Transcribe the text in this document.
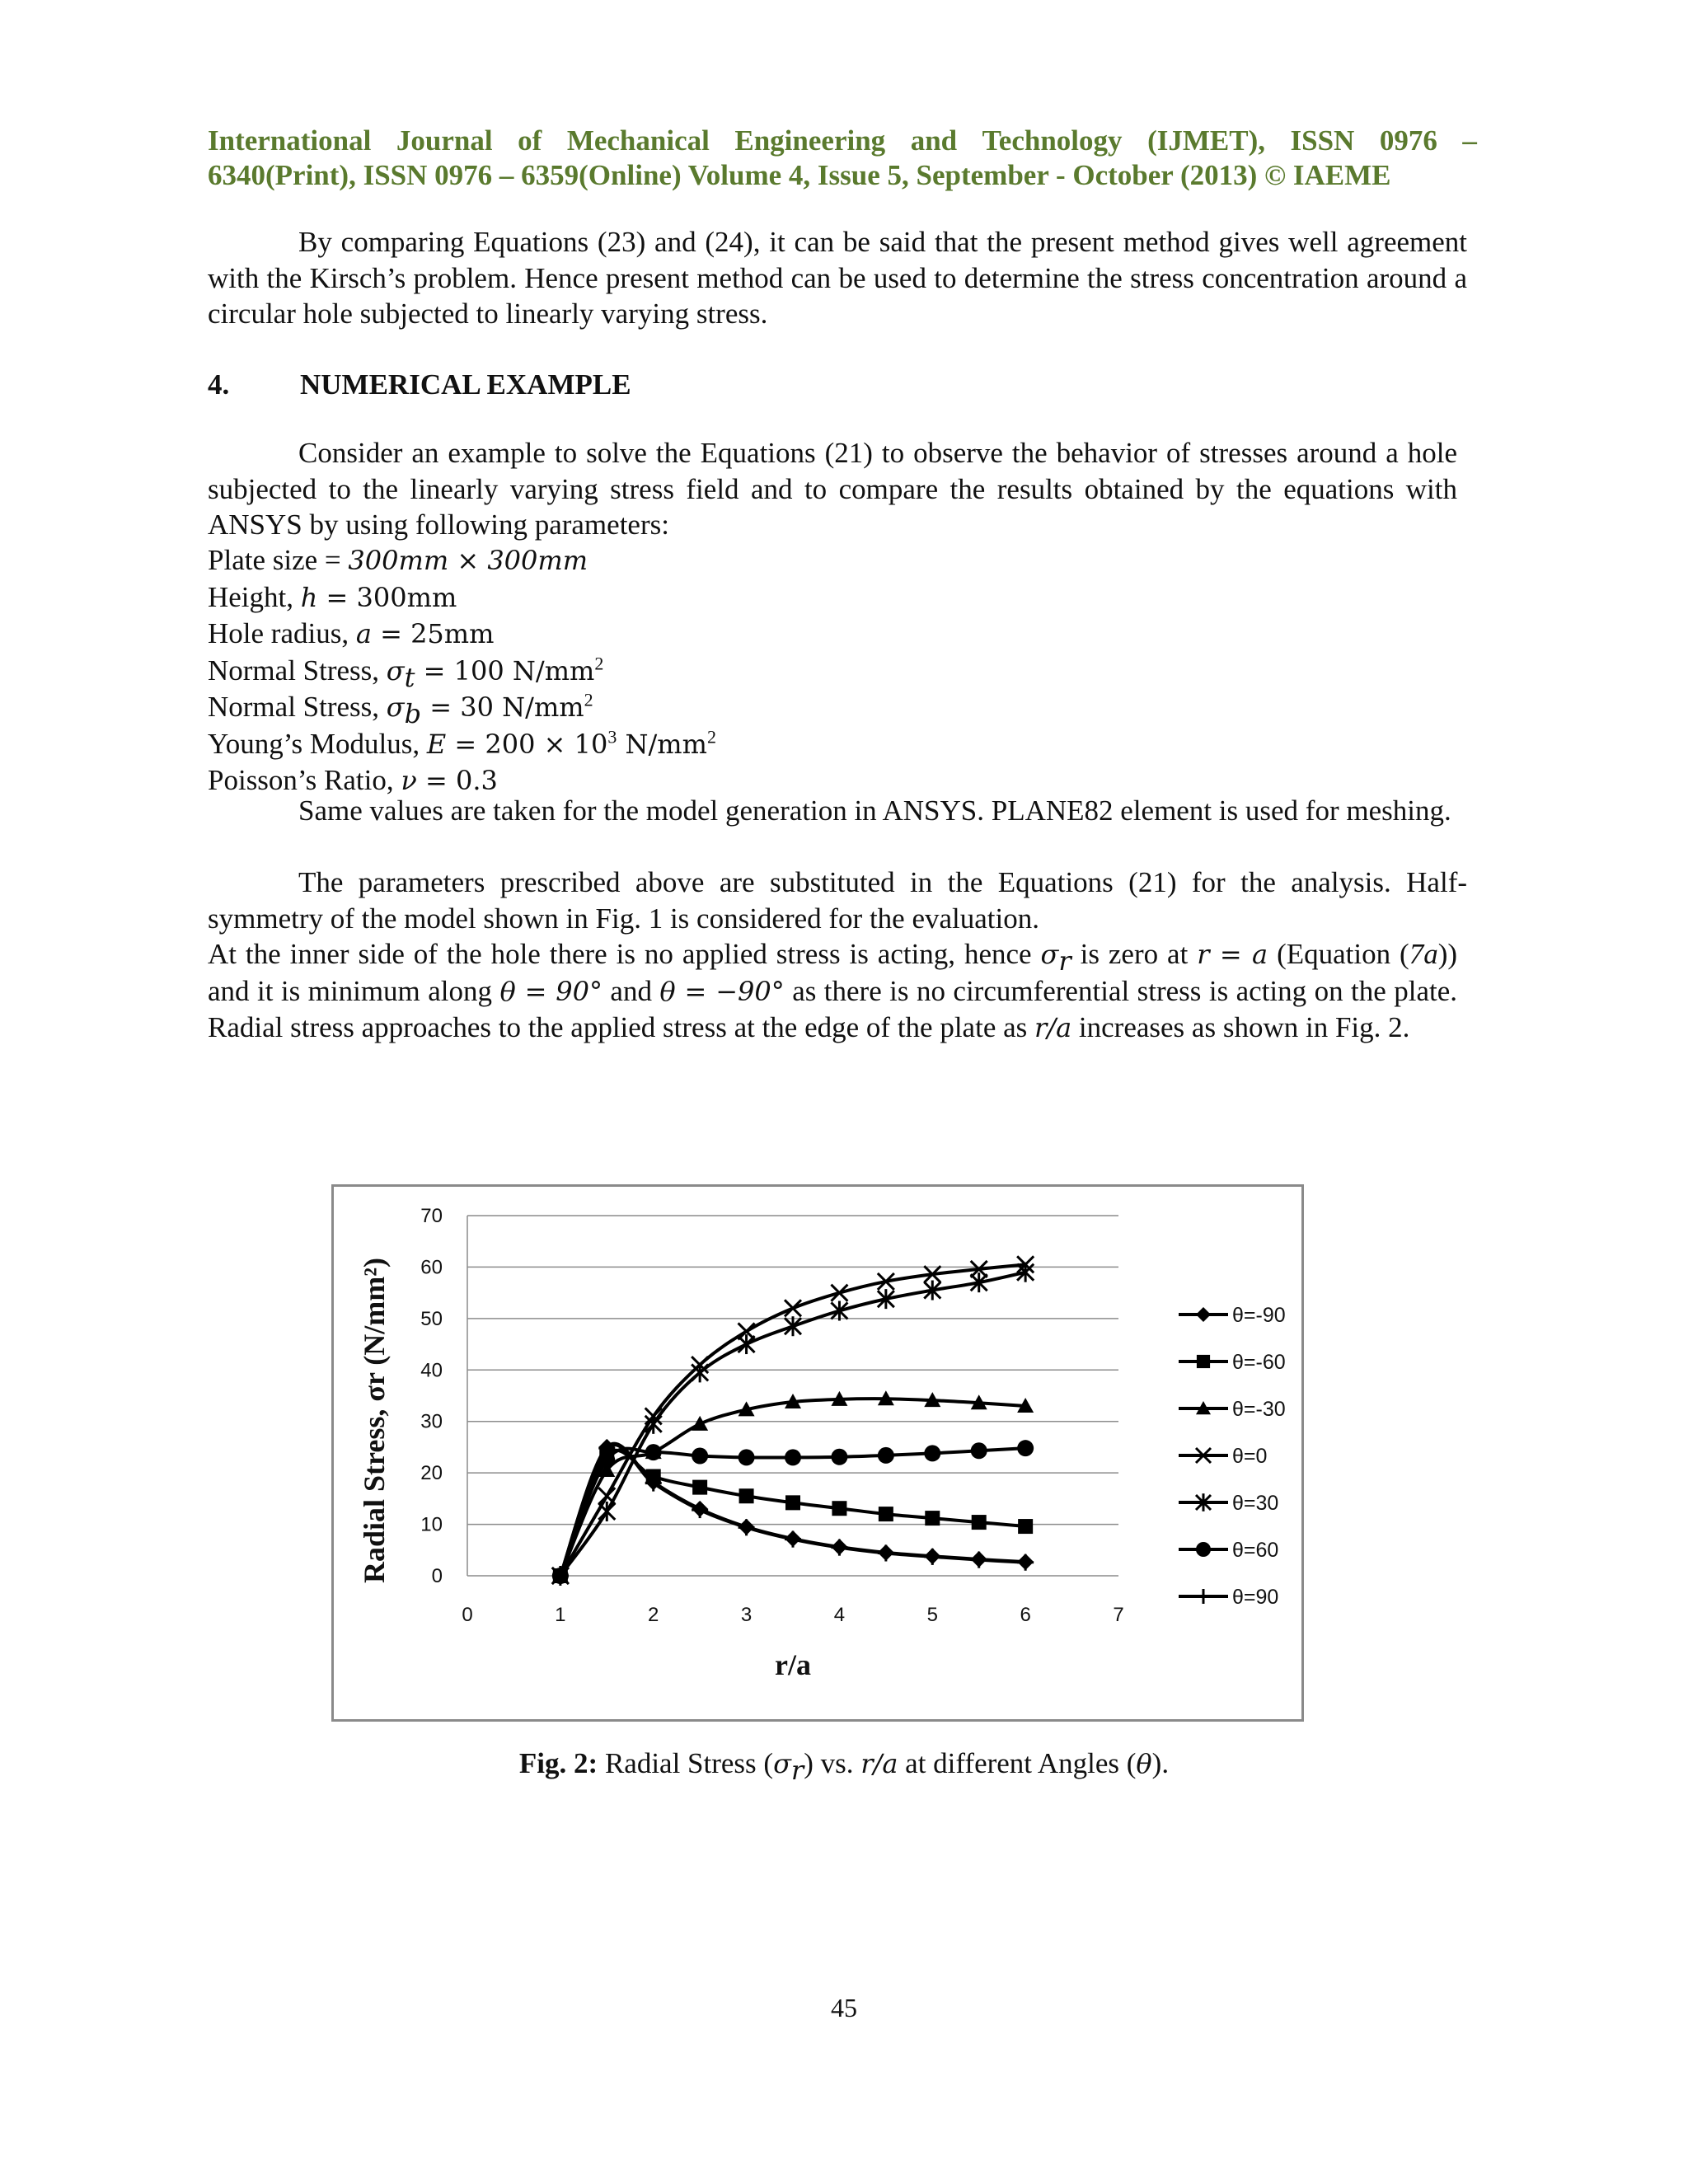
International Journal of Mechanical Engineering and Technology (IJMET), ISSN 0976 –
6340(Print), ISSN 0976 – 6359(Online) Volume 4, Issue 5, September - October (2013) © IAEME

By comparing Equations (23) and (24), it can be said that the present method gives well agreement with the Kirsch’s problem. Hence present method can be used to determine the stress concentration around a circular hole subjected to linearly varying stress.

4. NUMERICAL EXAMPLE

Consider an example to solve the Equations (21) to observe the behavior of stresses around a hole subjected to the linearly varying stress field and to compare the results obtained by the equations with ANSYS by using following parameters:

Plate size = 300mm × 300mm
Height, h = 300mm
Hole radius, a = 25mm
Normal Stress, $\sigma_t = 100$ $N/mm^2$
Normal Stress, $\sigma_b = 30$ $N/mm^2$
Young’s Modulus, $E = 200 \times 10^3$ $N/mm^2$
Poisson’s Ratio, ν = 0.3

Same values are taken for the model generation in ANSYS. PLANE82 element is used for meshing.

The parameters prescribed above are substituted in the Equations (21) for the analysis. Half-symmetry of the model shown in Fig. 1 is considered for the evaluation.

At the inner side of the hole there is no applied stress is acting, hence $\sigma_r$ is zero at r = a (Equation (7a)) and it is minimum along θ = 90° and θ = −90° as there is no circumferential stress is acting on the plate. Radial stress approaches to the applied stress at the edge of the plate as r/a increases as shown in Fig. 2.

0
10
20
30
40
50
60
70
0	1	2	3	4	5	6	7
r/a
Radial Stress, σr (N/mm²)	θ=-90
θ=-60
θ=-30
θ=0
θ=30
θ=60
θ=90
Fig. 2: Radial Stress $(\sigma_r)$ vs. r/a at different Angles (θ).
45
